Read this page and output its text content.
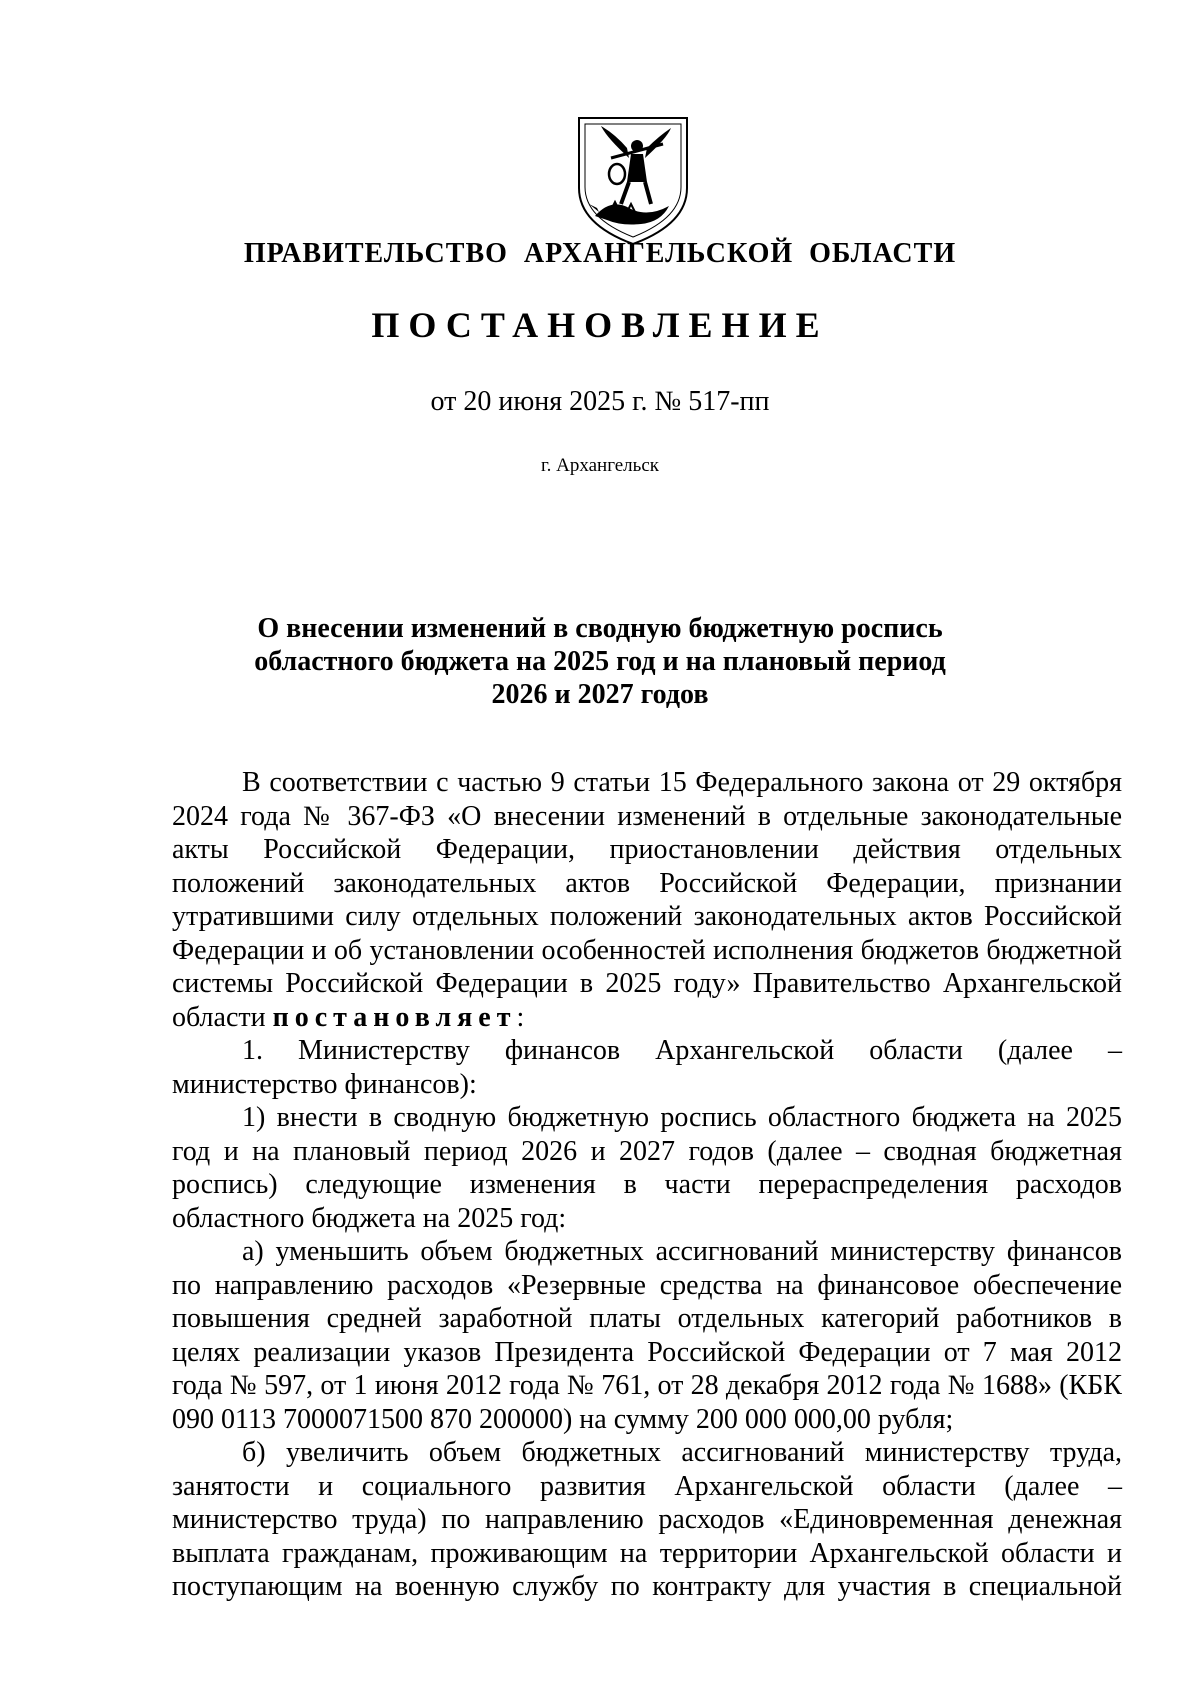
ПРАВИТЕЛЬСТВО АРХАНГЕЛЬСКОЙ ОБЛАСТИ
ПОСТАНОВЛЕНИЕ
от 20 июня 2025 г. № 517-пп
г. Архангельск
О внесении изменений в сводную бюджетную роспись
областного бюджета на 2025 год и на плановый период
2026 и 2027 годов

В соответствии с частью 9 статьи 15 Федерального закона от 29 октября 2024 года № 367-ФЗ «О внесении изменений в отдельные законодательные акты Российской Федерации, приостановлении действия отдельных положений законодательных актов Российской Федерации, признании утратившими силу отдельных положений законодательных актов Российской Федерации и об установлении особенностей исполнения бюджетов бюджетной системы Российской Федерации в 2025 году» Правительство Архангельской области постановляет:

1. Министерству финансов Архангельской области (далее – министерство финансов):

1) внести в сводную бюджетную роспись областного бюджета на 2025 год и на плановый период 2026 и 2027 годов (далее – сводная бюджетная роспись) следующие изменения в части перераспределения расходов областного бюджета на 2025 год:

а) уменьшить объем бюджетных ассигнований министерству финансов по направлению расходов «Резервные средства на финансовое обеспечение повышения средней заработной платы отдельных категорий работников в целях реализации указов Президента Российской Федерации от 7 мая 2012 года № 597, от 1 июня 2012 года № 761, от 28 декабря 2012 года № 1688» (КБК 090 0113 7000071500 870 200000) на сумму 200 000 000,00 рубля;

б) увеличить объем бюджетных ассигнований министерству труда, занятости и социального развития Архангельской области (далее – министерство труда) по направлению расходов «Единовременная денежная выплата гражданам, проживающим на территории Архангельской области и поступающим на военную службу по контракту для участия в специальной
